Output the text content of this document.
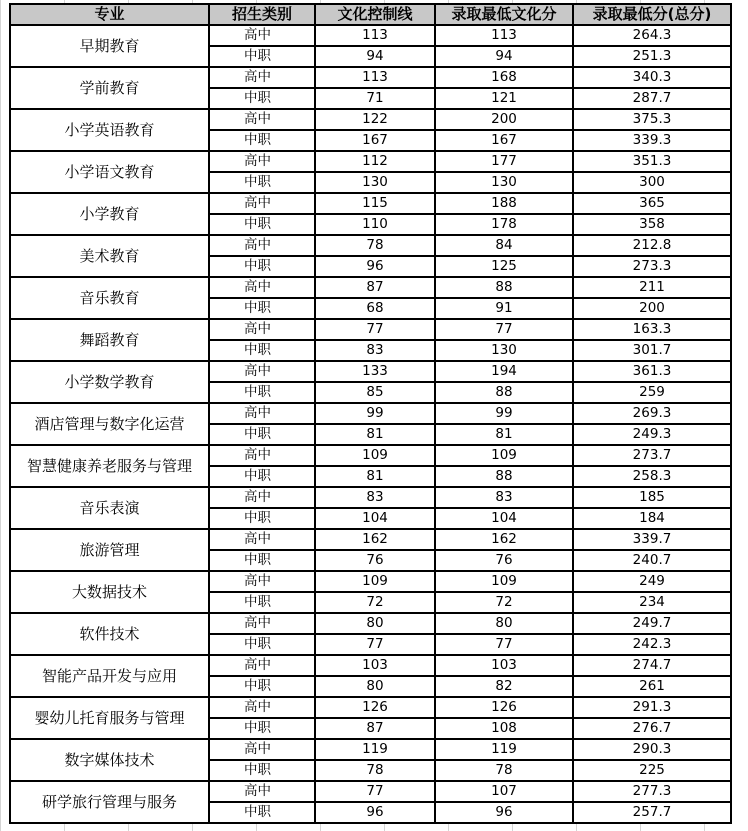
专业	招生类别	文化控制线	录取最低文化分	录取最低分(总分)
早期教育	高中	113	113	264.3
	中职	94	94	251.3
学前教育	高中	113	168	340.3
	中职	71	121	287.7
小学英语教育	高中	122	200	375.3
	中职	167	167	339.3
小学语文教育	高中	112	177	351.3
	中职	130	130	300
小学教育	高中	115	188	365
	中职	110	178	358
美术教育	高中	78	84	212.8
	中职	96	125	273.3
音乐教育	高中	87	88	211
	中职	68	91	200
舞蹈教育	高中	77	77	163.3
	中职	83	130	301.7
小学数学教育	高中	133	194	361.3
	中职	85	88	259
酒店管理与数字化运营	高中	99	99	269.3
	中职	81	81	249.3
智慧健康养老服务与管理	高中	109	109	273.7
	中职	81	88	258.3
音乐表演	高中	83	83	185
	中职	104	104	184
旅游管理	高中	162	162	339.7
	中职	76	76	240.7
大数据技术	高中	109	109	249
	中职	72	72	234
软件技术	高中	80	80	249.7
	中职	77	77	242.3
智能产品开发与应用	高中	103	103	274.7
	中职	80	82	261
婴幼儿托育服务与管理	高中	126	126	291.3
	中职	87	108	276.7
数字媒体技术	高中	119	119	290.3
	中职	78	78	225
研学旅行管理与服务	高中	77	107	277.3
	中职	96	96	257.7
